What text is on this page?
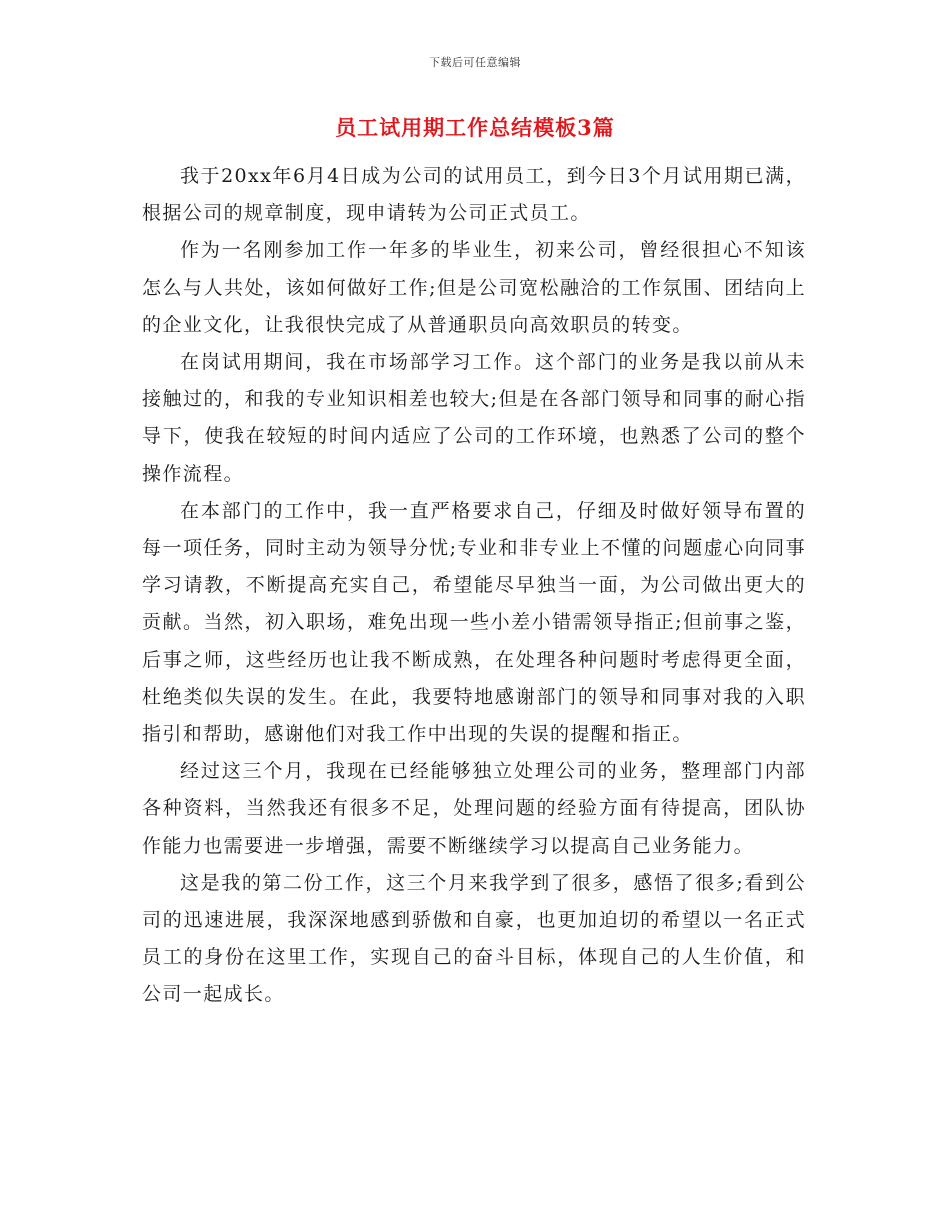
下载后可任意编辑
员工试用期工作总结模板3篇

我于20xx年6月4日成为公司的试用员工，到今日3个月试用期已满，根据公司的规章制度，现申请转为公司正式员工。

作为一名刚参加工作一年多的毕业生，初来公司，曾经很担心不知该怎么与人共处，该如何做好工作;但是公司宽松融洽的工作氛围、团结向上的企业文化，让我很快完成了从普通职员向高效职员的转变。

在岗试用期间，我在市场部学习工作。这个部门的业务是我以前从未接触过的，和我的专业知识相差也较大;但是在各部门领导和同事的耐心指导下，使我在较短的时间内适应了公司的工作环境，也熟悉了公司的整个操作流程。

在本部门的工作中，我一直严格要求自己，仔细及时做好领导布置的每一项任务，同时主动为领导分忧;专业和非专业上不懂的问题虚心向同事学习请教，不断提高充实自己，希望能尽早独当一面，为公司做出更大的贡献。当然，初入职场，难免出现一些小差小错需领导指正;但前事之鉴，后事之师，这些经历也让我不断成熟，在处理各种问题时考虑得更全面，杜绝类似失误的发生。在此，我要特地感谢部门的领导和同事对我的入职指引和帮助，感谢他们对我工作中出现的失误的提醒和指正。

经过这三个月，我现在已经能够独立处理公司的业务，整理部门内部各种资料，当然我还有很多不足，处理问题的经验方面有待提高，团队协作能力也需要进一步增强，需要不断继续学习以提高自己业务能力。

这是我的第二份工作，这三个月来我学到了很多，感悟了很多;看到公司的迅速进展，我深深地感到骄傲和自豪，也更加迫切的希望以一名正式员工的身份在这里工作，实现自己的奋斗目标，体现自己的人生价值，和公司一起成长。
